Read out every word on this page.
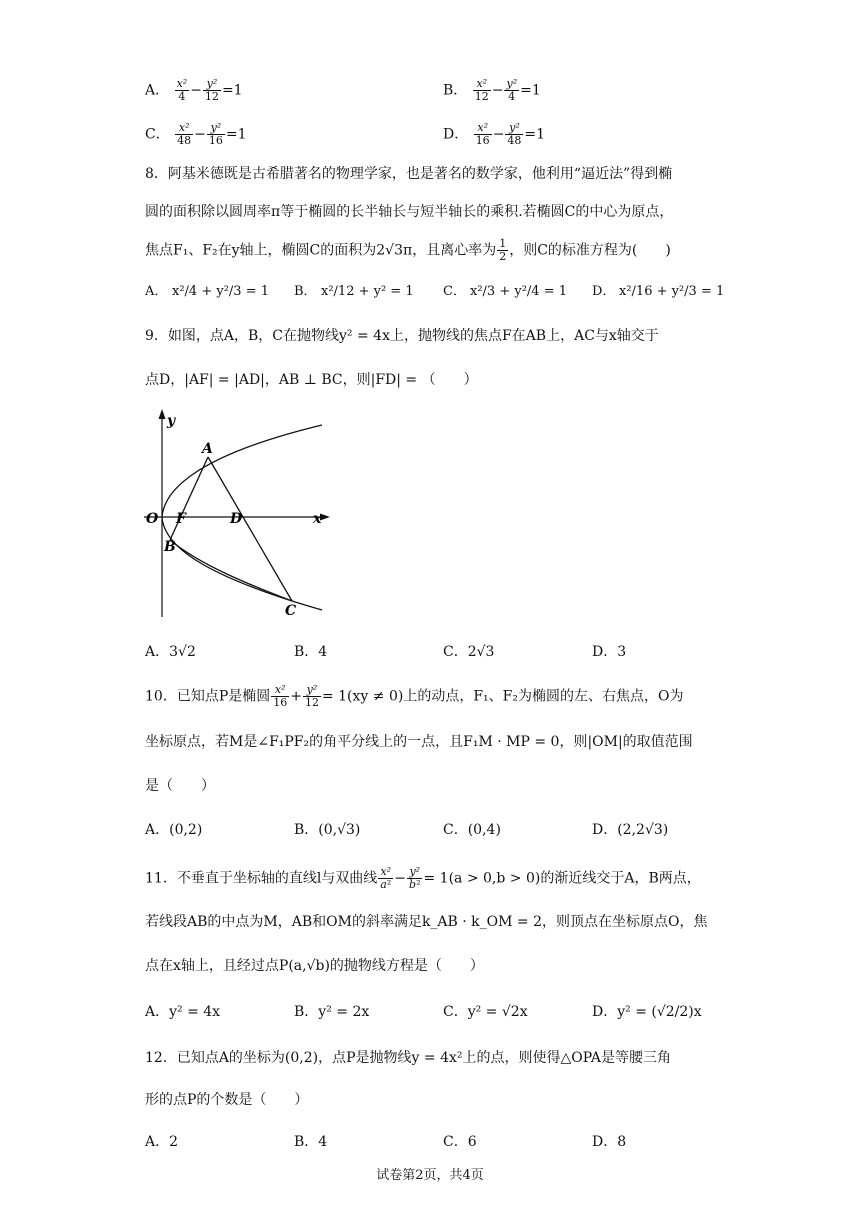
A． $\frac{\text{x²}}{4} - \frac{\text{y²}}{12} =1$	B． $\frac{\text{x²}}{12} - \frac{\text{y²}}{4} =1$
C． $\frac{\text{x²}}{48} - \frac{\text{y²}}{16} =1$	D． $\frac{\text{x²}}{16} - \frac{\text{y²}}{48} =1$
8．阿基米德既是古希腊著名的物理学家，也是著名的数学家，他利用“逼近法”得到椭
圆的面积除以圆周率π等于椭圆的长半轴长与短半轴长的乘积.若椭圆C的中心为原点，
焦点F₁、F₂在y轴上，椭圆C的面积为2√3π，且离心率为 $\frac{1}{2}$ ，则C的标准方程为(　　)
A． x²/4 + y²/3 = 1 B． x²/12 + y² = 1 C． x²/3 + y²/4 = 1 D． x²/16 + y²/3 = 1
9．如图，点A，B，C在抛物线y² = 4x上，抛物线的焦点F在AB上，AC与x轴交于
点D，|AF| = |AD|，AB ⊥ BC，则|FD| = （　　）
y
x
O F	D
A
B
C
A．3√2	B．4	C．2√3	D．3
10．已知点P是椭圆 $\frac{\text{x²}}{16} + \frac{\text{y²}}{12} = 1(xy \ne 0)$上的动点，F₁、F₂为椭圆的左、右焦点，O为
坐标原点，若M是∠F₁PF₂的角平分线上的一点，且F₁M · MP = 0，则|OM|的取值范围
是（　　）
A．(0,2)	B．(0,√3)	C．(0,4)	D．(2,2√3)
11．不垂直于坐标轴的直线l与双曲线 $\frac{\text{x²}}{\text{a²}} - \frac{\text{y²}}{\text{b²}} = 1(a > 0,b > 0)$的渐近线交于A，B两点，
若线段AB的中点为M，AB和OM的斜率满足k_AB · k_OM = 2，则顶点在坐标原点O，焦
点在x轴上，且经过点P(a,√b)的抛物线方程是（　　）
A．y² = 4x	B．y² = 2x	C．y² = √2x	D．y² = (√2/2)x
12．已知点A的坐标为(0,2)，点P是抛物线y = 4x²上的点，则使得△OPA是等腰三角
形的点P的个数是（　　）
A．2	B．4	C．6	D．8
试卷第2页，共4页
